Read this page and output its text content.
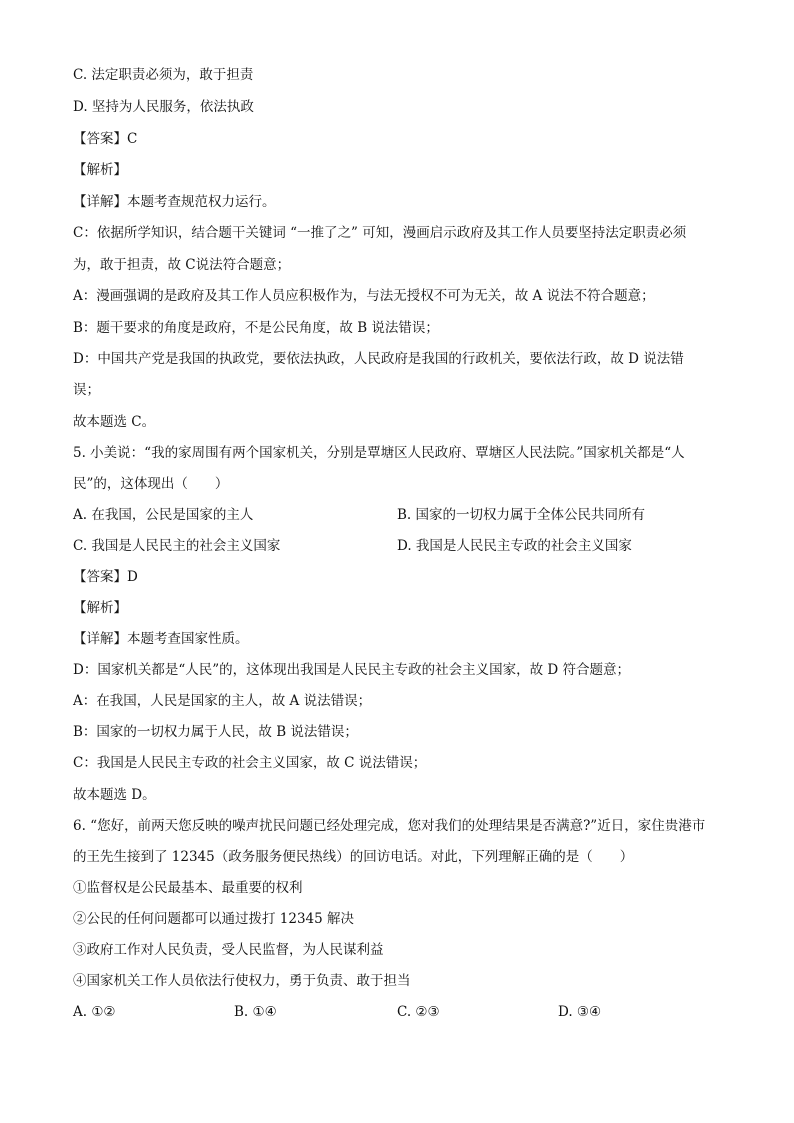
C. 法定职责必须为，敢于担责
D. 坚持为人民服务，依法执政
【答案】C
【解析】
【详解】本题考查规范权力运行。
C：依据所学知识，结合题干关键词 “一推了之” 可知，漫画启示政府及其工作人员要坚持法定职责必须
为，敢于担责，故 C说法符合题意；
A：漫画强调的是政府及其工作人员应积极作为，与法无授权不可为无关，故 A 说法不符合题意；
B：题干要求的角度是政府，不是公民角度，故 B 说法错误；
D：中国共产党是我国的执政党，要依法执政，人民政府是我国的行政机关，要依法行政，故 D 说法错
误；
故本题选 C。
5. 小美说：“我的家周围有两个国家机关，分别是覃塘区人民政府、覃塘区人民法院。”国家机关都是“人
民”的，这体现出（　　）
A. 在我国，公民是国家的主人	B. 国家的一切权力属于全体公民共同所有
C. 我国是人民民主的社会主义国家	D. 我国是人民民主专政的社会主义国家
【答案】D
【解析】
【详解】本题考查国家性质。
D：国家机关都是“人民”的，这体现出我国是人民民主专政的社会主义国家，故 D 符合题意；
A：在我国，人民是国家的主人，故 A 说法错误；
B：国家的一切权力属于人民，故 B 说法错误；
C：我国是人民民主专政的社会主义国家，故 C 说法错误；
故本题选 D。
6. “您好，前两天您反映的噪声扰民问题已经处理完成，您对我们的处理结果是否满意?”近日，家住贵港市
的王先生接到了 12345（政务服务便民热线）的回访电话。对此，下列理解正确的是（　　）
①监督权是公民最基本、最重要的权利
②公民的任何问题都可以通过拨打 12345 解决
③政府工作对人民负责，受人民监督，为人民谋利益
④国家机关工作人员依法行使权力，勇于负责、敢于担当
A. ①②	B. ①④	C. ②③	D. ③④
